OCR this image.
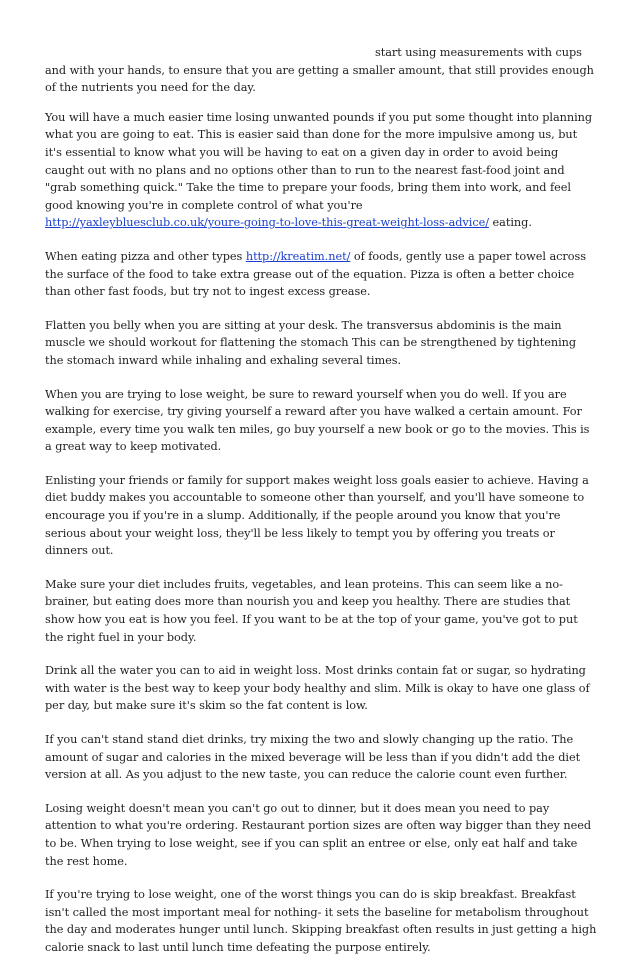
start using measurements with cups and with your hands, to ensure that you are getting a smaller amount, that still provides enough of the nutrients you need for the day.

You will have a much easier time losing unwanted pounds if you put some thought into planning what you are going to eat. This is easier said than done for the more impulsive among us, but it's essential to know what you will be having to eat on a given day in order to avoid being caught out with no plans and no options other than to run to the nearest fast-food joint and "grab something quick." Take the time to prepare your foods, bring them into work, and feel good knowing you're in complete control of what you're
http://yaxleybluesclub.co.uk/youre-going-to-love-this-great-weight-loss-advice/ eating.

When eating pizza and other types http://kreatim.net/ of foods, gently use a paper towel across the surface of the food to take extra grease out of the equation. Pizza is often a better choice than other fast foods, but try not to ingest excess grease.

Flatten you belly when you are sitting at your desk. The transversus abdominis is the main muscle we should workout for flattening the stomach This can be strengthened by tightening the stomach inward while inhaling and exhaling several times.

When you are trying to lose weight, be sure to reward yourself when you do well. If you are walking for exercise, try giving yourself a reward after you have walked a certain amount. For example, every time you walk ten miles, go buy yourself a new book or go to the movies. This is a great way to keep motivated.

Enlisting your friends or family for support makes weight loss goals easier to achieve. Having a diet buddy makes you accountable to someone other than yourself, and you'll have someone to encourage you if you're in a slump. Additionally, if the people around you know that you're serious about your weight loss, they'll be less likely to tempt you by offering you treats or dinners out.

Make sure your diet includes fruits, vegetables, and lean proteins. This can seem like a no-brainer, but eating does more than nourish you and keep you healthy. There are studies that show how you eat is how you feel. If you want to be at the top of your game, you've got to put the right fuel in your body.

Drink all the water you can to aid in weight loss. Most drinks contain fat or sugar, so hydrating with water is the best way to keep your body healthy and slim. Milk is okay to have one glass of per day, but make sure it's skim so the fat content is low.

If you can't stand stand diet drinks, try mixing the two and slowly changing up the ratio. The amount of sugar and calories in the mixed beverage will be less than if you didn't add the diet version at all. As you adjust to the new taste, you can reduce the calorie count even further.

Losing weight doesn't mean you can't go out to dinner, but it does mean you need to pay attention to what you're ordering. Restaurant portion sizes are often way bigger than they need to be. When trying to lose weight, see if you can split an entree or else, only eat half and take the rest home.

If you're trying to lose weight, one of the worst things you can do is skip breakfast. Breakfast isn't called the most important meal for nothing- it sets the baseline for metabolism throughout the day and moderates hunger until lunch. Skipping breakfast often results in just getting a high calorie snack to last until lunch time defeating the purpose entirely.
